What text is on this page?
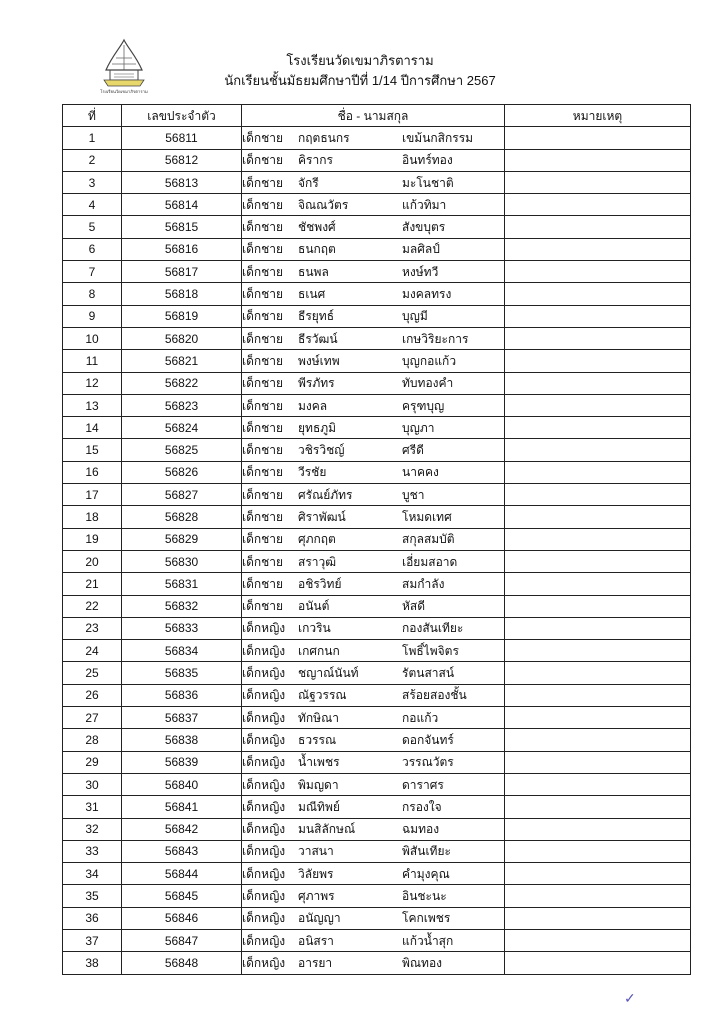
โรงเรียนวัดเขมาภิรตาราม
โรงเรียนวัดเขมาภิรตาราม
นักเรียนชั้นมัธยมศึกษาปีที่ 1/14 ปีการศึกษา 2567
ที่	เลขประจำตัว	ชื่อ - นามสกุล	หมายเหตุ
1	56811	เด็กชาย กฤตธนกร เขม้นกสิกรรม	
2	56812	เด็กชาย คิรากร อินทร์ทอง	
3	56813	เด็กชาย จักรี มะโนชาติ	
4	56814	เด็กชาย จิณณวัตร แก้วทิมา	
5	56815	เด็กชาย ชัชพงศ์ สังขบุตร	
6	56816	เด็กชาย ธนกฤต มลศิลป์	
7	56817	เด็กชาย ธนพล หงษ์ทวี	
8	56818	เด็กชาย ธเนศ มงคลทรง	
9	56819	เด็กชาย ธีรยุทธ์ บุญมี	
10	56820	เด็กชาย ธีรวัฒน์ เกษวิริยะการ	
11	56821	เด็กชาย พงษ์เทพ บุญกอแก้ว	
12	56822	เด็กชาย พีรภัทร ทับทองคำ	
13	56823	เด็กชาย มงคล ครุฑบุญ	
14	56824	เด็กชาย ยุทธภูมิ บุญภา	
15	56825	เด็กชาย วชิรวิชญ์ ศรีดี	
16	56826	เด็กชาย วีรชัย นาคคง	
17	56827	เด็กชาย ศรัณย์ภัทร บูชา	
18	56828	เด็กชาย ศิราพัฒน์ โหมดเทศ	
19	56829	เด็กชาย ศุภกฤต สกุลสมบัติ	
20	56830	เด็กชาย สราวุฒิ เอี่ยมสอาด	
21	56831	เด็กชาย อชิรวิทย์ สมกำลัง	
22	56832	เด็กชาย อนันต์ หัสดี	
23	56833	เด็กหญิง เกวริน กองสันเทียะ	
24	56834	เด็กหญิง เกศกนก โพธิ์ไพจิตร	
25	56835	เด็กหญิง ชญาณ์นันท์ รัตนสาสน์	
26	56836	เด็กหญิง ณัฐวรรณ สร้อยสองชั้น	
27	56837	เด็กหญิง ทักษิณา กอแก้ว	
28	56838	เด็กหญิง ธวรรณ ดอกจันทร์	
29	56839	เด็กหญิง น้ำเพชร วรรณวัตร	
30	56840	เด็กหญิง พิมญดา ดาราศร	
31	56841	เด็กหญิง มณีทิพย์ กรองใจ	
32	56842	เด็กหญิง มนสิลักษณ์ ฉมทอง	
33	56843	เด็กหญิง วาสนา พิสันเทียะ	
34	56844	เด็กหญิง วิลัยพร คำมุงคุณ	
35	56845	เด็กหญิง ศุภาพร อินชะนะ	
36	56846	เด็กหญิง อนัญญา โคกเพชร	
37	56847	เด็กหญิง อนิสรา แก้วน้ำสุก	
38	56848	เด็กหญิง อารยา พิณทอง	
✓
